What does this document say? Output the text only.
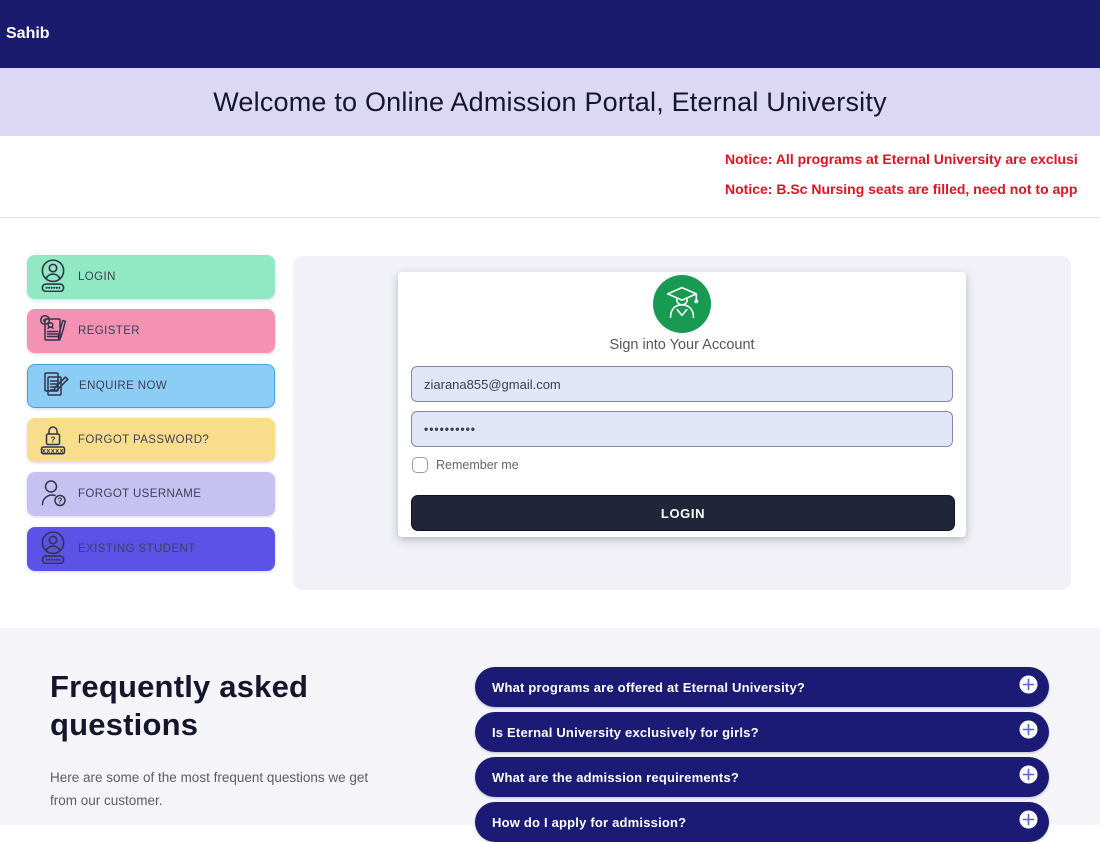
Sahib
Welcome to Online Admission Portal, Eternal University
Notice: All programs at Eternal University are exclusi
Notice: B.Sc Nursing seats are filled, need not to app
LOGIN
REGISTER
ENQUIRE NOW
?
xxxxx
FORGOT PASSWORD?
?
FORGOT USERNAME
EXISTING STUDENT
Sign into Your Account
ziarana855@gmail.com
••••••••••
Remember me
LOGIN
Frequently asked questions
Here are some of the most frequent questions we get from our customer.
What programs are offered at Eternal University?
Is Eternal University exclusively for girls?
What are the admission requirements?
How do I apply for admission?
